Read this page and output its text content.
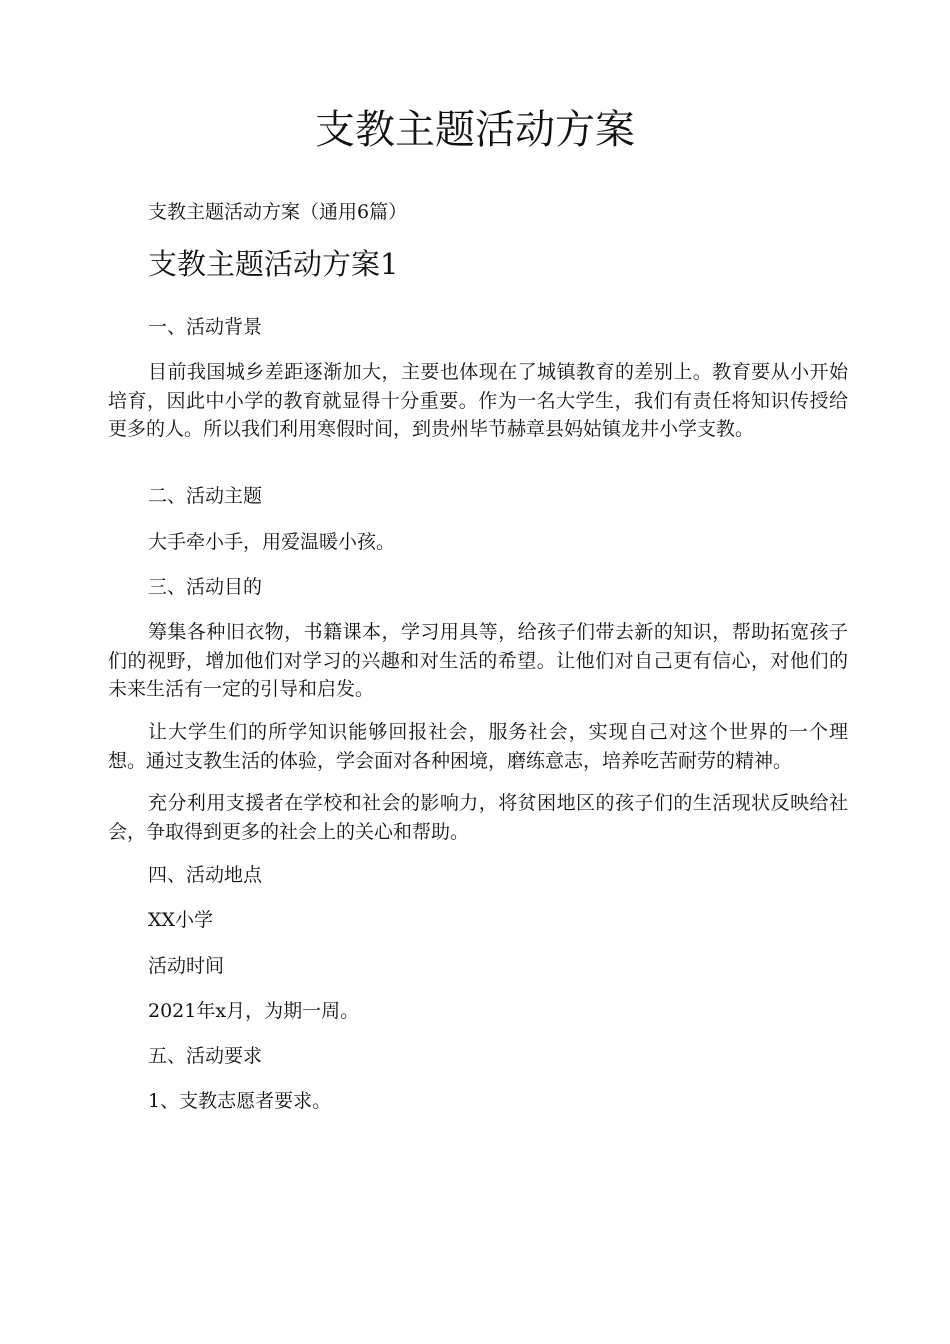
支教主题活动方案

支教主题活动方案（通用6篇）

支教主题活动方案1

一、活动背景

目前我国城乡差距逐渐加大，主要也体现在了城镇教育的差别上。教育要从小开始培育，因此中小学的教育就显得十分重要。作为一名大学生，我们有责任将知识传授给更多的人。所以我们利用寒假时间，到贵州毕节赫章县妈姑镇龙井小学支教。

二、活动主题

大手牵小手，用爱温暖小孩。

三、活动目的

筹集各种旧衣物，书籍课本，学习用具等，给孩子们带去新的知识，帮助拓宽孩子们的视野，增加他们对学习的兴趣和对生活的希望。让他们对自己更有信心，对他们的未来生活有一定的引导和启发。

让大学生们的所学知识能够回报社会，服务社会，实现自己对这个世界的一个理想。通过支教生活的体验，学会面对各种困境，磨练意志，培养吃苦耐劳的精神。

充分利用支援者在学校和社会的影响力，将贫困地区的孩子们的生活现状反映给社会，争取得到更多的社会上的关心和帮助。

四、活动地点

XX小学

活动时间

2021年x月，为期一周。

五、活动要求

1、支教志愿者要求。
